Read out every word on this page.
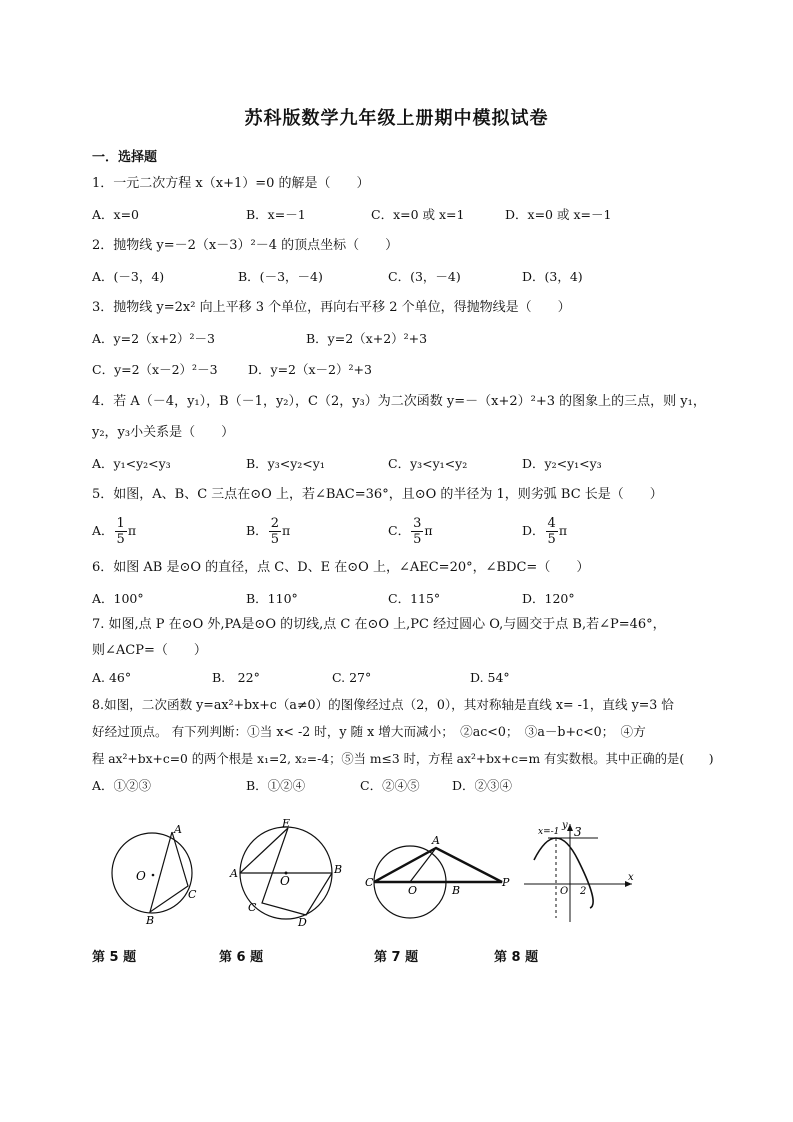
苏科版数学九年级上册期中模拟试卷
一．选择题
1．一元二次方程 x（x+1）=0 的解是（　　）
A．x=0	B．x=－1	C．x=0 或 x=1	D．x=0 或 x=－1
2．抛物线 y=－2（x－3）²－4 的顶点坐标（　　）
A．(－3，4)	B．(－3，－4)	C．(3，－4)	D．(3，4)
3．抛物线 y=2x² 向上平移 3 个单位，再向右平移 2 个单位，得抛物线是（　　）
A．y=2（x+2）²－3	B．y=2（x+2）²+3
C．y=2（x－2）²－3 D．y=2（x－2）²+3
4．若 A（－4，y₁），B（－1，y₂），C（2，y₃）为二次函数 y=－（x+2）²+3 的图象上的三点，则 y₁，
y₂，y₃小关系是（　　）
A．y₁<y₂<y₃	B．y₃<y₂<y₁	C．y₃<y₁<y₂	D．y₂<y₁<y₃
5．如图，A、B、C 三点在⊙O 上，若∠BAC=36°，且⊙O 的半径为 1，则劣弧 BC 长是（　　）
A． $\frac{1}{5}$ π	B． $\frac{2}{5}$ π	C． $\frac{3}{5}$ π	D． $\frac{4}{5}$ π
6．如图 AB 是⊙O 的直径，点 C、D、E 在⊙O 上，∠AEC=20°，∠BDC=（　　）
A．100°	B．110°	C．115°	D．120°
7. 如图,点 P 在⊙O 外,PA是⊙O 的切线,点 C 在⊙O 上,PC 经过圆心 O,与圆交于点 B,若∠P=46°，
则∠ACP=（　　）
A. 46°	B.　22°	C. 27°	D. 54°
8.如图，二次函数 y=ax²+bx+c（a≠0）的图像经过点（2，0），其对称轴是直线 x= -1，直线 y=3 恰
好经过顶点。 有下列判断：①当 x< -2 时，y 随 x 增大而减小；　②ac<0；　③a－b+c<0；　④方
程 ax²+bx+c=0 的两个根是 x₁=2, x₂=-4；⑤当 m≤3 时，方程 ax²+bx+c=m 有实数根。其中正确的是(　　)
A．①②③	B．①②④	C．②④⑤	D．②③④
O
A
B
C
E
A	B
O
C
D
A
C
O	B
P
x=-1 3
y
x
O 2
第 5 题	第 6 题	第 7 题	第 8 题
